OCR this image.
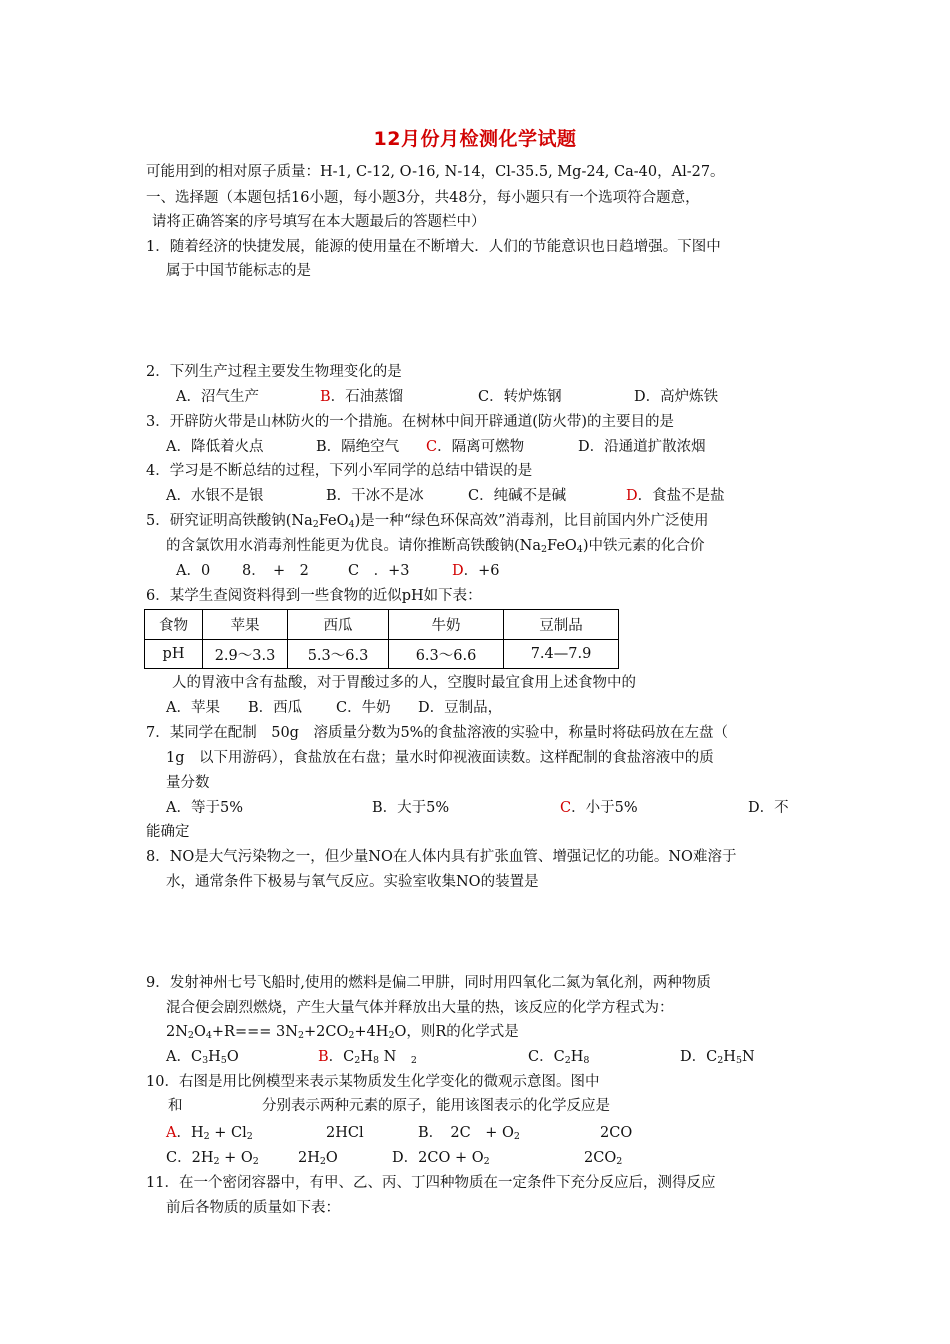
12月份月检测化学试题
可能用到的相对原子质量：H-1, C-12, O-16, N-14，Cl-35.5, Mg-24, Ca-40，Al-27。
一、选择题（本题包括16小题，每小题3分，共48分，每小题只有一个选项符合题意，
请将正确答案的序号填写在本大题最后的答题栏中）
1．随着经济的快捷发展，能源的使用量在不断增大．人们的节能意识也日趋增强。下图中
属于中国节能标志的是
2．下列生产过程主要发生物理变化的是
A．沼气生产	B．石油蒸馏	C．转炉炼钢	D．高炉炼铁
3．开辟防火带是山林防火的一个措施。在树林中间开辟通道(防火带)的主要目的是
A．降低着火点	B．隔绝空气 C．隔离可燃物	D．沿通道扩散浓烟
4．学习是不断总结的过程，下列小军同学的总结中错误的是
A．水银不是银	B．干冰不是冰	C．纯碱不是碱	D．食盐不是盐
5．研究证明高铁酸钠$(Na_2FeO_4)$是一种“绿色环保高效”消毒剂，比目前国内外广泛使用
的含氯饮用水消毒剂性能更为优良。请你推断高铁酸钠$(Na_2FeO_4)$中铁元素的化合价
A．0 8．　+　2	C　．+3	D．+6
6．某学生查阅资料得到一些食物的近似pH如下表：
食物	苹果	西瓜	牛奶	豆制品
pH	2.9～3.3	5.3～6.3	6.3～6.6	7.4—7.9
人的胃液中含有盐酸，对于胃酸过多的人，空腹时最宜食用上述食物中的
A．苹果 B．西瓜 C．牛奶 D．豆制品，
7．某同学在配制　50g　溶质量分数为5%的食盐溶液的实验中，称量时将砝码放在左盘（
1g　以下用游码），食盐放在右盘；量水时仰视液面读数。这样配制的食盐溶液中的质
量分数
A．等于5%	B．大于5%	C．小于5%	D．不
能确定
8．NO是大气污染物之一，但少量NO在人体内具有扩张血管、增强记忆的功能。NO难溶于
水，通常条件下极易与氧气反应。实验室收集NO的装置是
9．发射神州七号飞船时,使用的燃料是偏二甲肼，同时用四氧化二氮为氧化剂，两种物质
混合便会剧烈燃烧，产生大量气体并释放出大量的热，该反应的化学方程式为：
$2N_2O_4+R=== 3N_2+2CO_2+4H_2O$，则R的化学式是
A．$C_3H_5O$	B．$C_2H_8$ N　$_2$	C．$C_2H_8$	D．$C_2H_5N$
10．右图是用比例模型来表示某物质发生化学变化的微观示意图。图中
和	分别表示两种元素的原子，能用该图表示的化学反应是
A．$H_2 + Cl_2$	2HCl	B．　2C　+ $O_2$	2CO
C．$2H_2 + O_2$	$2H_2O$	D．$2CO + O_2$	$2CO_2$
11．在一个密闭容器中，有甲、乙、丙、丁四种物质在一定条件下充分反应后，测得反应
前后各物质的质量如下表：
